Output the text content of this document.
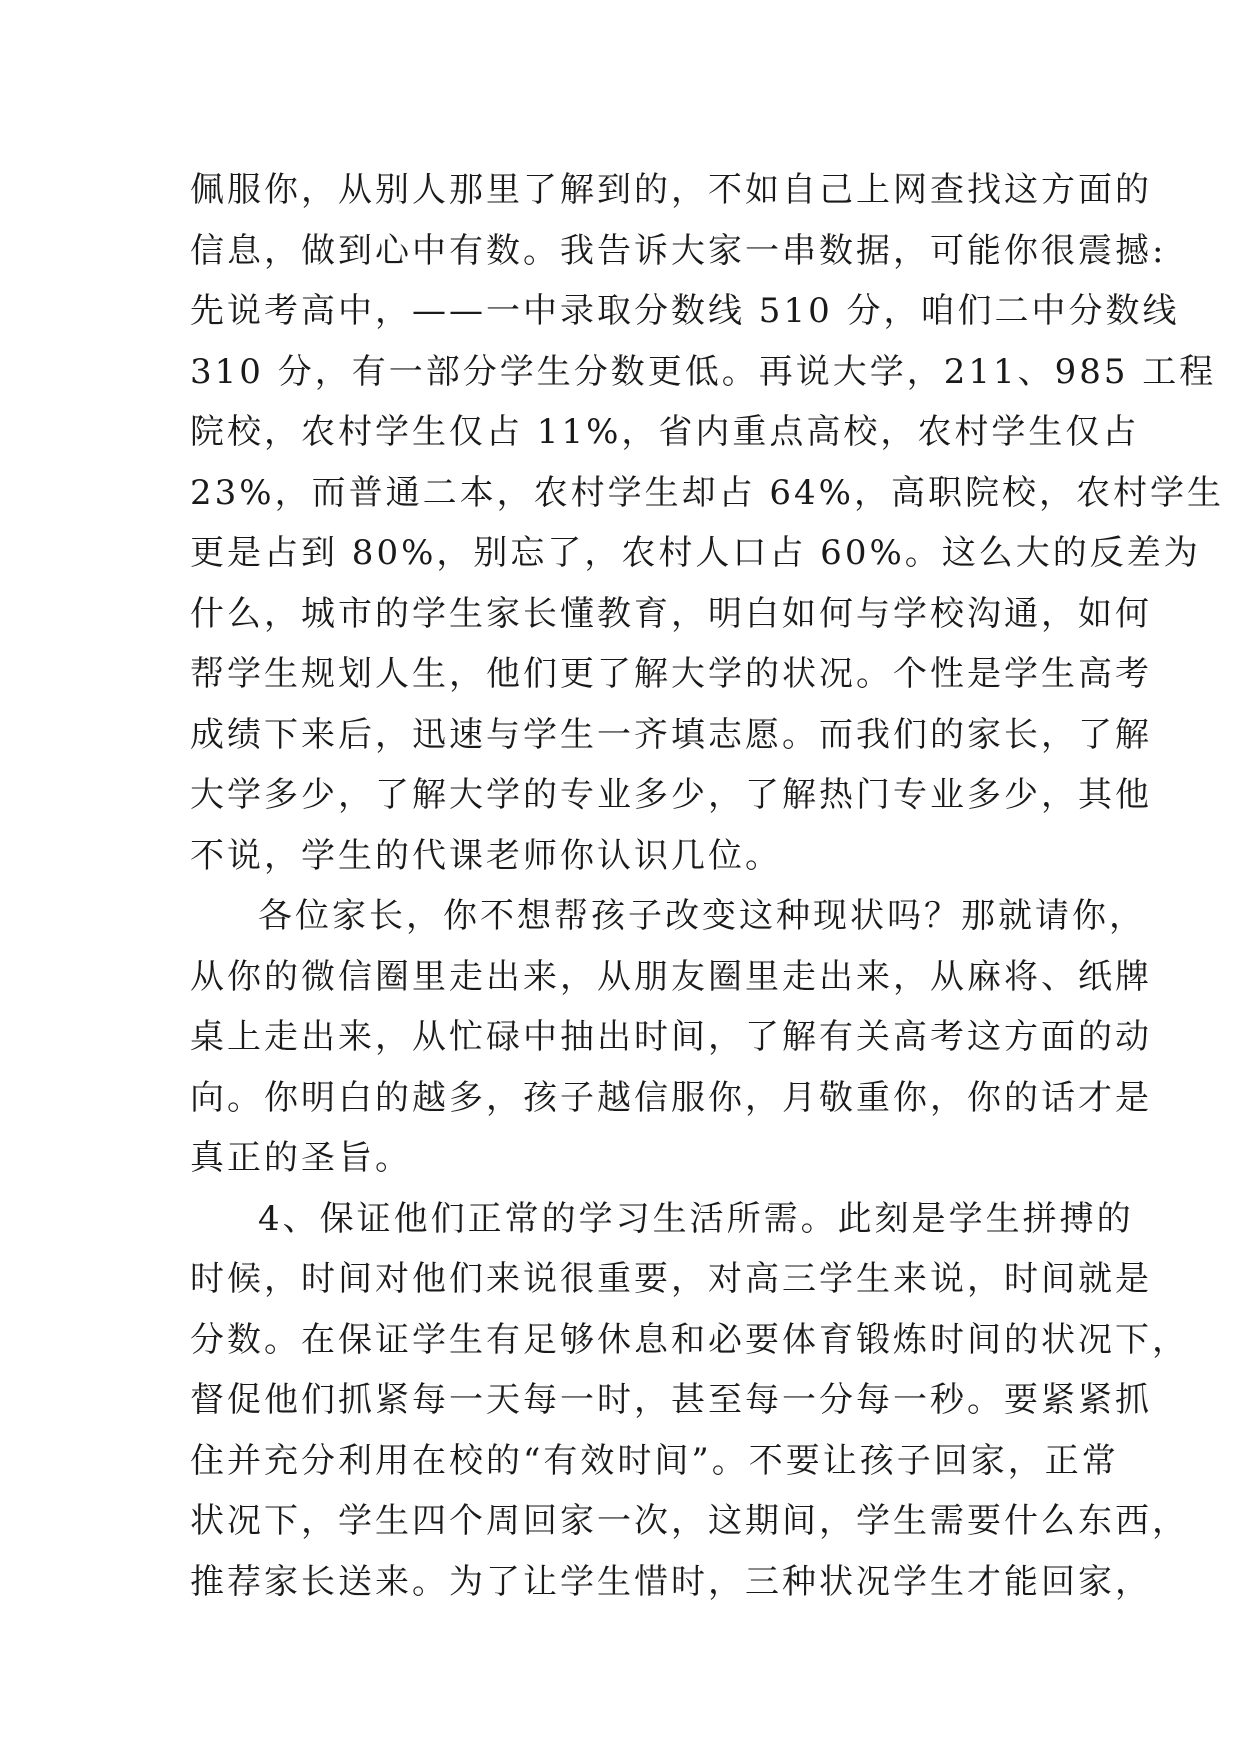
佩服你，从别人那里了解到的，不如自己上网查找这方面的
信息，做到心中有数。我告诉大家一串数据，可能你很震撼:
先说考高中，——一中录取分数线 510 分，咱们二中分数线
310 分，有一部分学生分数更低。再说大学，211、985 工程
院校，农村学生仅占 11%，省内重点高校，农村学生仅占
23%，而普通二本，农村学生却占 64%，高职院校，农村学生
更是占到 80%，别忘了，农村人口占 60%。这么大的反差为
什么，城市的学生家长懂教育，明白如何与学校沟通，如何
帮学生规划人生，他们更了解大学的状况。个性是学生高考
成绩下来后，迅速与学生一齐填志愿。而我们的家长，了解
大学多少，了解大学的专业多少，了解热门专业多少，其他
不说，学生的代课老师你认识几位。
各位家长，你不想帮孩子改变这种现状吗？那就请你，
从你的微信圈里走出来，从朋友圈里走出来，从麻将、纸牌
桌上走出来，从忙碌中抽出时间，了解有关高考这方面的动
向。你明白的越多，孩子越信服你，月敬重你，你的话才是
真正的圣旨。
4、保证他们正常的学习生活所需。此刻是学生拼搏的
时候，时间对他们来说很重要，对高三学生来说，时间就是
分数。在保证学生有足够休息和必要体育锻炼时间的状况下，
督促他们抓紧每一天每一时，甚至每一分每一秒。要紧紧抓
住并充分利用在校的“有效时间”。不要让孩子回家，正常
状况下，学生四个周回家一次，这期间，学生需要什么东西，
推荐家长送来。为了让学生惜时，三种状况学生才能回家，
